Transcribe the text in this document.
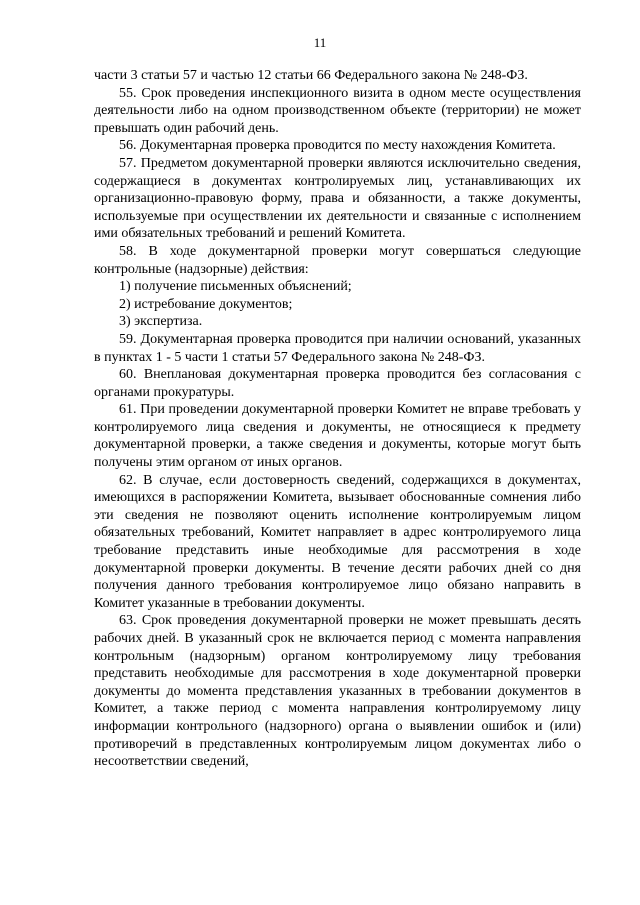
11

части 3 статьи 57 и частью 12 статьи 66 Федерального закона № 248-ФЗ.

55. Срок проведения инспекционного визита в одном месте осуществления деятельности либо на одном производственном объекте (территории) не может превышать один рабочий день.

56. Документарная проверка проводится по месту нахождения Комитета.

57. Предметом документарной проверки являются исключительно сведения, содержащиеся в документах контролируемых лиц, устанавливающих их организационно-правовую форму, права и обязанности, а также документы, используемые при осуществлении их деятельности и связанные с исполнением ими обязательных требований и решений Комитета.

58. В ходе документарной проверки могут совершаться следующие контрольные (надзорные) действия:

1) получение письменных объяснений;

2) истребование документов;

3) экспертиза.

59. Документарная проверка проводится при наличии оснований, указанных в пунктах 1 - 5 части 1 статьи 57 Федерального закона № 248-ФЗ.

60. Внеплановая документарная проверка проводится без согласования с органами прокуратуры.

61. При проведении документарной проверки Комитет не вправе требовать у контролируемого лица сведения и документы, не относящиеся к предмету документарной проверки, а также сведения и документы, которые могут быть получены этим органом от иных органов.

62. В случае, если достоверность сведений, содержащихся в документах, имеющихся в распоряжении Комитета, вызывает обоснованные сомнения либо эти сведения не позволяют оценить исполнение контролируемым лицом обязательных требований, Комитет направляет в адрес контролируемого лица требование представить иные необходимые для рассмотрения в ходе документарной проверки документы. В течение десяти рабочих дней со дня получения данного требования контролируемое лицо обязано направить в Комитет указанные в требовании документы.

63. Срок проведения документарной проверки не может превышать десять рабочих дней. В указанный срок не включается период с момента направления контрольным (надзорным) органом контролируемому лицу требования представить необходимые для рассмотрения в ходе документарной проверки документы до момента представления указанных в требовании документов в Комитет, а также период с момента направления контролируемому лицу информации контрольного (надзорного) органа о выявлении ошибок и (или) противоречий в представленных контролируемым лицом документах либо о несоответствии сведений,
